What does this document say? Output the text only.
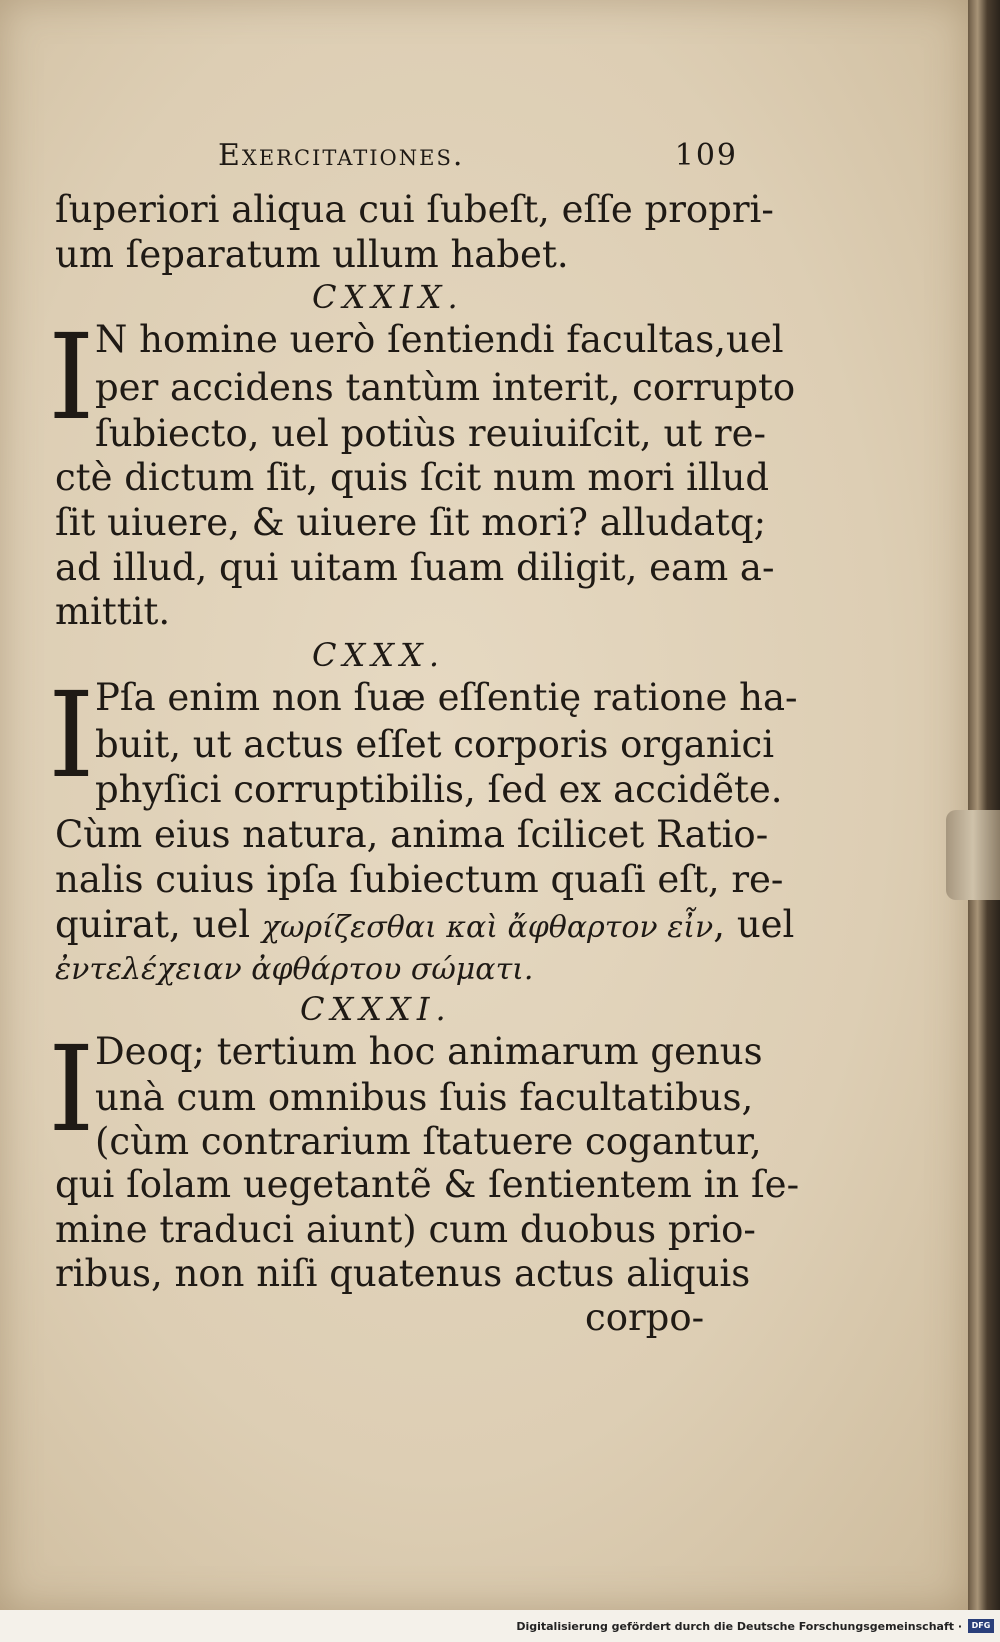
Exercitationes.	109
ſuperiori aliqua cui ſubeſt, eſſe propri-
um ſeparatum ullum habet.
CXXIX.
I N homine uerò ſentiendi facultas,uel
per accidens tantùm interit, corrupto
ſubiecto, uel potiùs reuiuiſcit, ut re-
ctè dictum ſit, quis ſcit num mori illud
ſit uiuere, & uiuere ſit mori? alludatq;
ad illud, qui uitam ſuam diligit, eam a-
mittit.
CXXX.
I Pſa enim non ſuæ eſſentię ratione ha-
buit, ut actus eſſet corporis organici
phyſici corruptibilis, ſed ex accidẽte.
Cùm eius natura, anima ſcilicet Ratio-
nalis cuius ipſa ſubiectum quaſi eſt, re-
quirat, uel χωρίζεσθαι καὶ ἄφθαρτον εἶν, uel
ἐντελέχειαν ἀφθάρτου σώματι.
CXXXI.
I Deoq; tertium hoc animarum genus
unà cum omnibus ſuis facultatibus,
(cùm contrarium ſtatuere cogantur,
qui ſolam uegetantẽ & ſentientem in ſe-
mine traduci aiunt) cum duobus prio-
ribus, non niſi quatenus actus aliquis
corpo-
Digitalisierung gefördert durch die Deutsche Forschungsgemeinschaft ·	DFG
